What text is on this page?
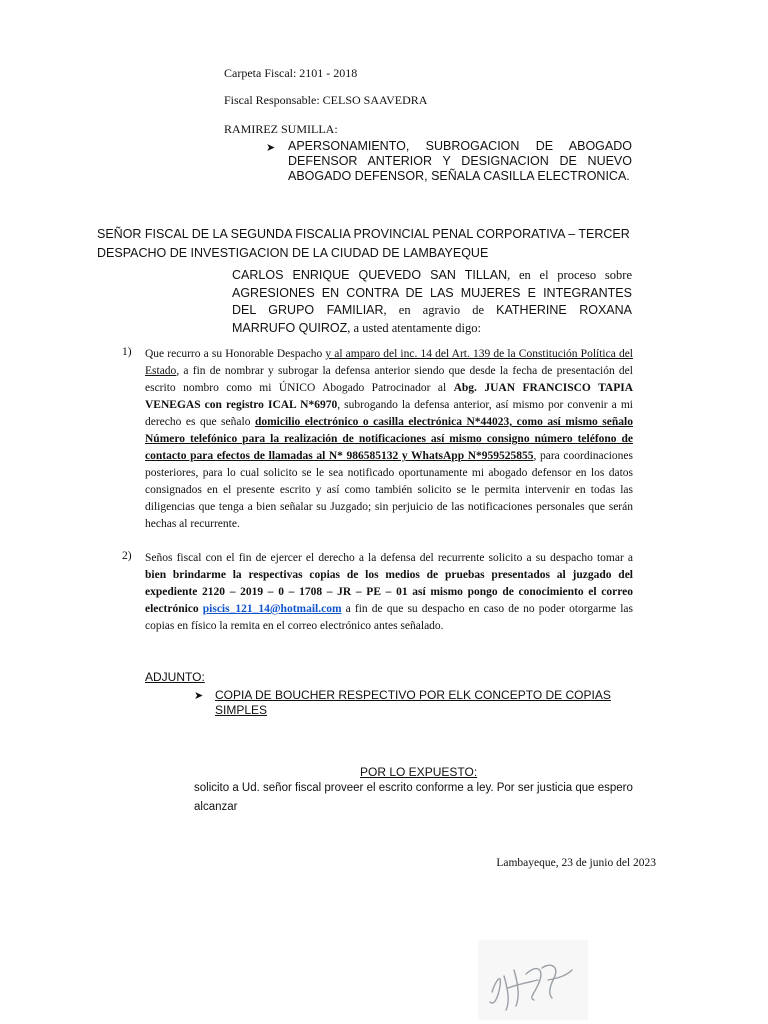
Carpeta Fiscal: 2101 - 2018
Fiscal Responsable: CELSO SAAVEDRA
RAMIREZ SUMILLA:
➤ APERSONAMIENTO, SUBROGACION DE ABOGADO DEFENSOR ANTERIOR Y DESIGNACION DE NUEVO ABOGADO DEFENSOR, SEÑALA CASILLA ELECTRONICA.
SEÑOR FISCAL DE LA SEGUNDA FISCALIA PROVINCIAL PENAL CORPORATIVA – TERCER DESPACHO DE INVESTIGACION DE LA CIUDAD DE LAMBAYEQUE
CARLOS ENRIQUE QUEVEDO SAN TILLAN, en el proceso sobre AGRESIONES EN CONTRA DE LAS MUJERES E INTEGRANTES DEL GRUPO FAMILIAR, en agravio de KATHERINE ROXANA MARRUFO QUIROZ, a usted atentamente digo:
1) Que recurro a su Honorable Despacho y al amparo del inc. 14 del Art. 139 de la Constitución Política del Estado, a fin de nombrar y subrogar la defensa anterior siendo que desde la fecha de presentación del escrito nombro como mi ÚNICO Abogado Patrocinador al Abg. JUAN FRANCISCO TAPIA VENEGAS con registro ICAL N*6970, subrogando la defensa anterior, así mismo por convenir a mi derecho es que señalo domicilio electrónico o casilla electrónica N*44023, como así mismo señalo Número telefónico para la realización de notificaciones así mismo consigno número teléfono de contacto para efectos de llamadas al N* 986585132 y WhatsApp N*959525855, para coordinaciones posteriores, para lo cual solicito se le sea notificado oportunamente mi abogado defensor en los datos consignados en el presente escrito y así como también solicito se le permita intervenir en todas las diligencias que tenga a bien señalar su Juzgado; sin perjuicio de las notificaciones personales que serán hechas al recurrente.
2) Seños fiscal con el fin de ejercer el derecho a la defensa del recurrente solicito a su despacho tomar a bien brindarme la respectivas copias de los medios de pruebas presentados al juzgado del expediente 2120 – 2019 – 0 – 1708 – JR – PE – 01 así mismo pongo de conocimiento el correo electrónico piscis_121_14@hotmail.com a fin de que su despacho en caso de no poder otorgarme las copias en físico la remita en el correo electrónico antes señalado.
ADJUNTO:
➤ COPIA DE BOUCHER RESPECTIVO POR ELK CONCEPTO DE COPIAS SIMPLES
POR LO EXPUESTO:
solicito a Ud. señor fiscal proveer el escrito conforme a ley. Por ser justicia que espero alcanzar
Lambayeque, 23 de junio del 2023
